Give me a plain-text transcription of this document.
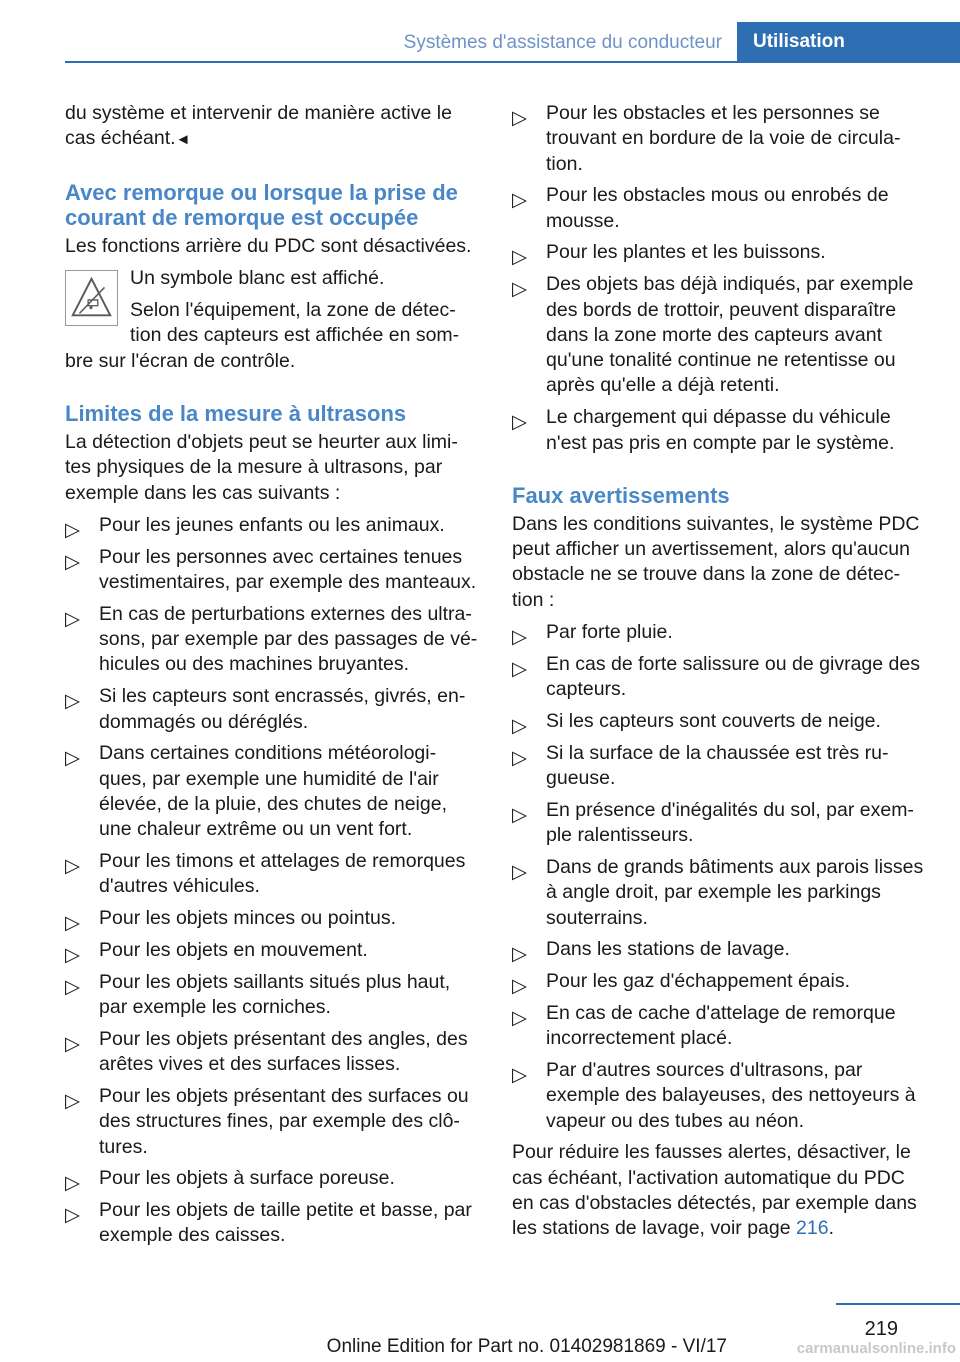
Systèmes d'assistance du conducteur	Utilisation

du système et intervenir de manière active le cas échéant.◄

Avec remorque ou lorsque la prise de courant de remorque est occupée

Les fonctions arrière du PDC sont désactivées.

Un symbole blanc est affiché.

Selon l'équipement, la zone de détec-tion des capteurs est affichée en som-bre sur l'écran de contrôle.

Limites de la mesure à ultrasons

La détection d'objets peut se heurter aux limi-tes physiques de la mesure à ultrasons, par exemple dans les cas suivants :

▷ Pour les jeunes enfants ou les animaux.
▷ Pour les personnes avec certaines tenues vestimentaires, par exemple des manteaux.
▷ En cas de perturbations externes des ultra-sons, par exemple par des passages de vé-hicules ou des machines bruyantes.
▷ Si les capteurs sont encrassés, givrés, en-dommagés ou déréglés.
▷ Dans certaines conditions météorologi-ques, par exemple une humidité de l'air élevée, de la pluie, des chutes de neige, une chaleur extrême ou un vent fort.
▷ Pour les timons et attelages de remorques d'autres véhicules.
▷ Pour les objets minces ou pointus.
▷ Pour les objets en mouvement.
▷ Pour les objets saillants situés plus haut, par exemple les corniches.
▷ Pour les objets présentant des angles, des arêtes vives et des surfaces lisses.
▷ Pour les objets présentant des surfaces ou des structures fines, par exemple des clô-tures.
▷ Pour les objets à surface poreuse.
▷ Pour les objets de taille petite et basse, par exemple des caisses.
▷ Pour les obstacles et les personnes se trouvant en bordure de la voie de circula-tion.
▷ Pour les obstacles mous ou enrobés de mousse.
▷ Pour les plantes et les buissons.
▷ Des objets bas déjà indiqués, par exemple des bords de trottoir, peuvent disparaître dans la zone morte des capteurs avant qu'une tonalité continue ne retentisse ou après qu'elle a déjà retenti.
▷ Le chargement qui dépasse du véhicule n'est pas pris en compte par le système.
Faux avertissements

Dans les conditions suivantes, le système PDC peut afficher un avertissement, alors qu'aucun obstacle ne se trouve dans la zone de détec-tion :

▷ Par forte pluie.
▷ En cas de forte salissure ou de givrage des capteurs.
▷ Si les capteurs sont couverts de neige.
▷ Si la surface de la chaussée est très ru-gueuse.
▷ En présence d'inégalités du sol, par exem-ple ralentisseurs.
▷ Dans de grands bâtiments aux parois lisses à angle droit, par exemple les parkings souterrains.
▷ Dans les stations de lavage.
▷ Pour les gaz d'échappement épais.
▷ En cas de cache d'attelage de remorque incorrectement placé.
▷ Par d'autres sources d'ultrasons, par exemple des balayeuses, des nettoyeurs à vapeur ou des tubes au néon.

Pour réduire les fausses alertes, désactiver, le cas échéant, l'activation automatique du PDC en cas d'obstacles détectés, par exemple dans les stations de lavage, voir page 216.

219
Online Edition for Part no. 01402981869 - VI/17	carmanualsonline.info
